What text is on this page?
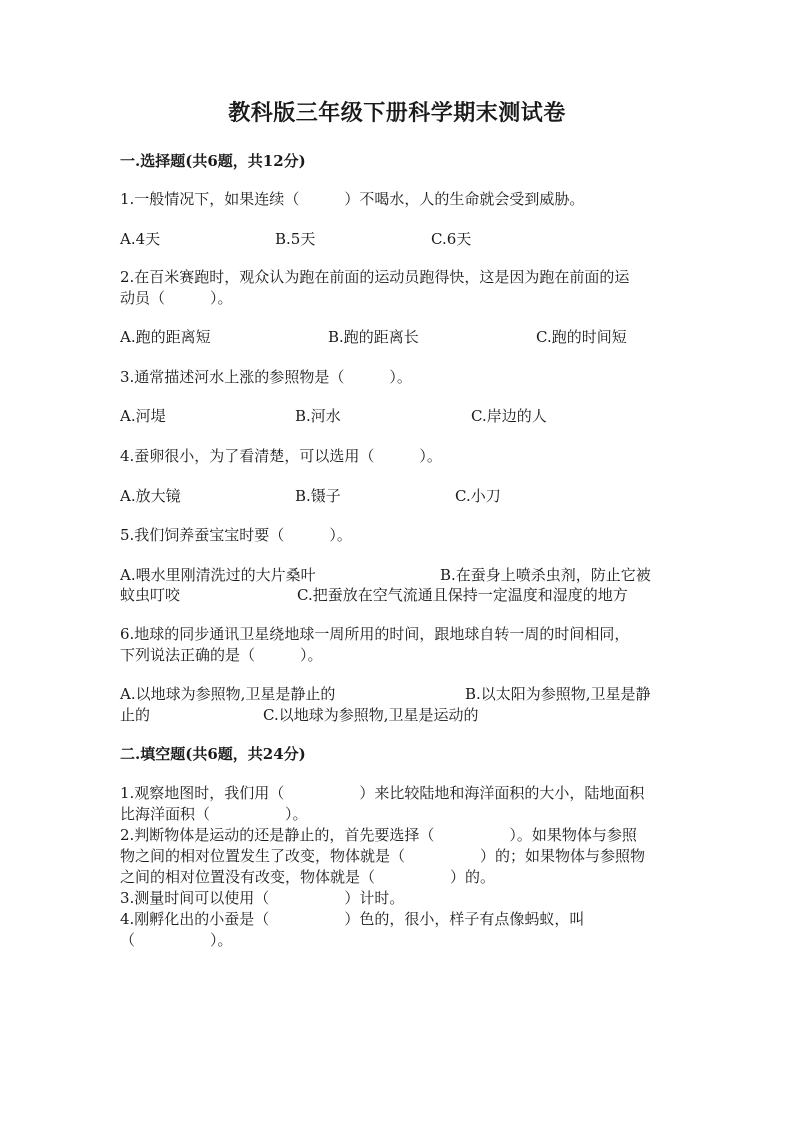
教科版三年级下册科学期末测试卷
一.选择题(共6题，共12分)
1.一般情况下，如果连续（　　　）不喝水，人的生命就会受到威胁。
A.4天	B.5天	C.6天
2.在百米赛跑时，观众认为跑在前面的运动员跑得快，这是因为跑在前面的运
动员（　　　）。
A.跑的距离短	B.跑的距离长	C.跑的时间短
3.通常描述河水上涨的参照物是（　　　）。
A.河堤	B.河水	C.岸边的人
4.蚕卵很小，为了看清楚，可以选用（　　　）。
A.放大镜	B.镊子	C.小刀
5.我们饲养蚕宝宝时要（　　　）。
A.喂水里刚清洗过的大片桑叶	B.在蚕身上喷杀虫剂，防止它被
蚊虫叮咬	C.把蚕放在空气流通且保持一定温度和湿度的地方
6.地球的同步通讯卫星绕地球一周所用的时间，跟地球自转一周的时间相同，
下列说法正确的是（　　　）。
A.以地球为参照物,卫星是静止的	B.以太阳为参照物,卫星是静
止的	C.以地球为参照物,卫星是运动的
二.填空题(共6题，共24分)
1.观察地图时，我们用（　　　　　）来比较陆地和海洋面积的大小，陆地面积
比海洋面积（　　　　　）。
2.判断物体是运动的还是静止的，首先要选择（　　　　　）。如果物体与参照
物之间的相对位置发生了改变，物体就是（　　　　　）的；如果物体与参照物
之间的相对位置没有改变，物体就是（　　　　　）的。
3.测量时间可以使用（　　　　　）计时。
4.刚孵化出的小蚕是（　　　　　）色的，很小，样子有点像蚂蚁，叫
（　　　　　）。
